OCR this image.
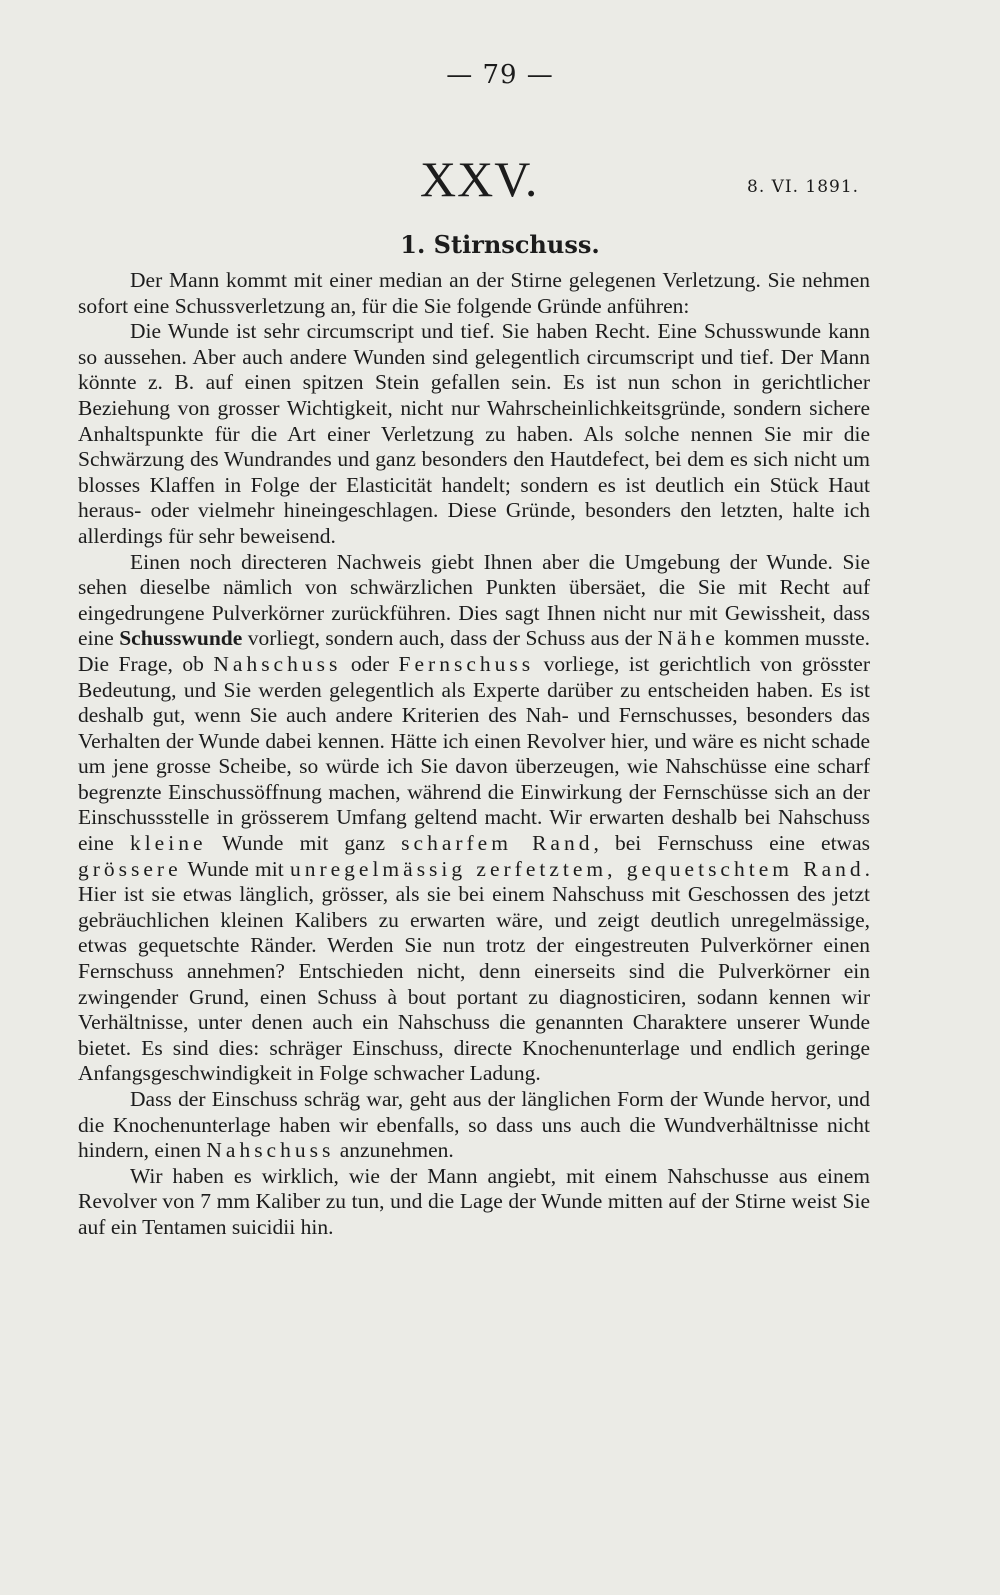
— 79 —
XXV.	8. VI. 1891.
1. Stirnschuss.

Der Mann kommt mit einer median an der Stirne gelegenen Verletzung. Sie nehmen sofort eine Schussverletzung an, für die Sie folgende Gründe anführen:

Die Wunde ist sehr circumscript und tief. Sie haben Recht. Eine Schusswunde kann so aussehen. Aber auch andere Wunden sind gelegentlich circumscript und tief. Der Mann könnte z. B. auf einen spitzen Stein gefallen sein. Es ist nun schon in gerichtlicher Beziehung von grosser Wichtigkeit, nicht nur Wahrscheinlichkeitsgründe, sondern sichere Anhaltspunkte für die Art einer Verletzung zu haben. Als solche nennen Sie mir die Schwärzung des Wundrandes und ganz besonders den Hautdefect, bei dem es sich nicht um blosses Klaffen in Folge der Elasticität handelt; sondern es ist deutlich ein Stück Haut heraus- oder vielmehr hineingeschlagen. Diese Gründe, besonders den letzten, halte ich allerdings für sehr beweisend.

Einen noch directeren Nachweis giebt Ihnen aber die Umgebung der Wunde. Sie sehen dieselbe nämlich von schwärzlichen Punkten übersäet, die Sie mit Recht auf eingedrungene Pulverkörner zurückführen. Dies sagt Ihnen nicht nur mit Gewissheit, dass eine Schusswunde vorliegt, sondern auch, dass der Schuss aus der Nähe kommen musste. Die Frage, ob Nahschuss oder Fernschuss vorliege, ist gerichtlich von grösster Bedeutung, und Sie werden gelegentlich als Experte darüber zu entscheiden haben. Es ist deshalb gut, wenn Sie auch andere Kriterien des Nah- und Fernschusses, besonders das Verhalten der Wunde dabei kennen. Hätte ich einen Revolver hier, und wäre es nicht schade um jene grosse Scheibe, so würde ich Sie davon überzeugen, wie Nahschüsse eine scharf begrenzte Einschussöffnung machen, während die Einwirkung der Fernschüsse sich an der Einschussstelle in grösserem Umfang geltend macht. Wir erwarten deshalb bei Nahschuss eine kleine Wunde mit ganz scharfem Rand, bei Fernschuss eine etwas grössere Wunde mit unregelmässig zerfetztem, gequetschtem Rand. Hier ist sie etwas länglich, grösser, als sie bei einem Nahschuss mit Geschossen des jetzt gebräuchlichen kleinen Kalibers zu erwarten wäre, und zeigt deutlich unregelmässige, etwas gequetschte Ränder. Werden Sie nun trotz der eingestreuten Pulverkörner einen Fernschuss annehmen? Entschieden nicht, denn einerseits sind die Pulverkörner ein zwingender Grund, einen Schuss à bout portant zu diagnosticiren, sodann kennen wir Verhältnisse, unter denen auch ein Nahschuss die genannten Charaktere unserer Wunde bietet. Es sind dies: schräger Einschuss, directe Knochenunterlage und endlich geringe Anfangsgeschwindigkeit in Folge schwacher Ladung.

Dass der Einschuss schräg war, geht aus der länglichen Form der Wunde hervor, und die Knochenunterlage haben wir ebenfalls, so dass uns auch die Wundverhältnisse nicht hindern, einen Nahschuss anzunehmen.

Wir haben es wirklich, wie der Mann angiebt, mit einem Nahschusse aus einem Revolver von 7 mm Kaliber zu tun, und die Lage der Wunde mitten auf der Stirne weist Sie auf ein Tentamen suicidii hin.
